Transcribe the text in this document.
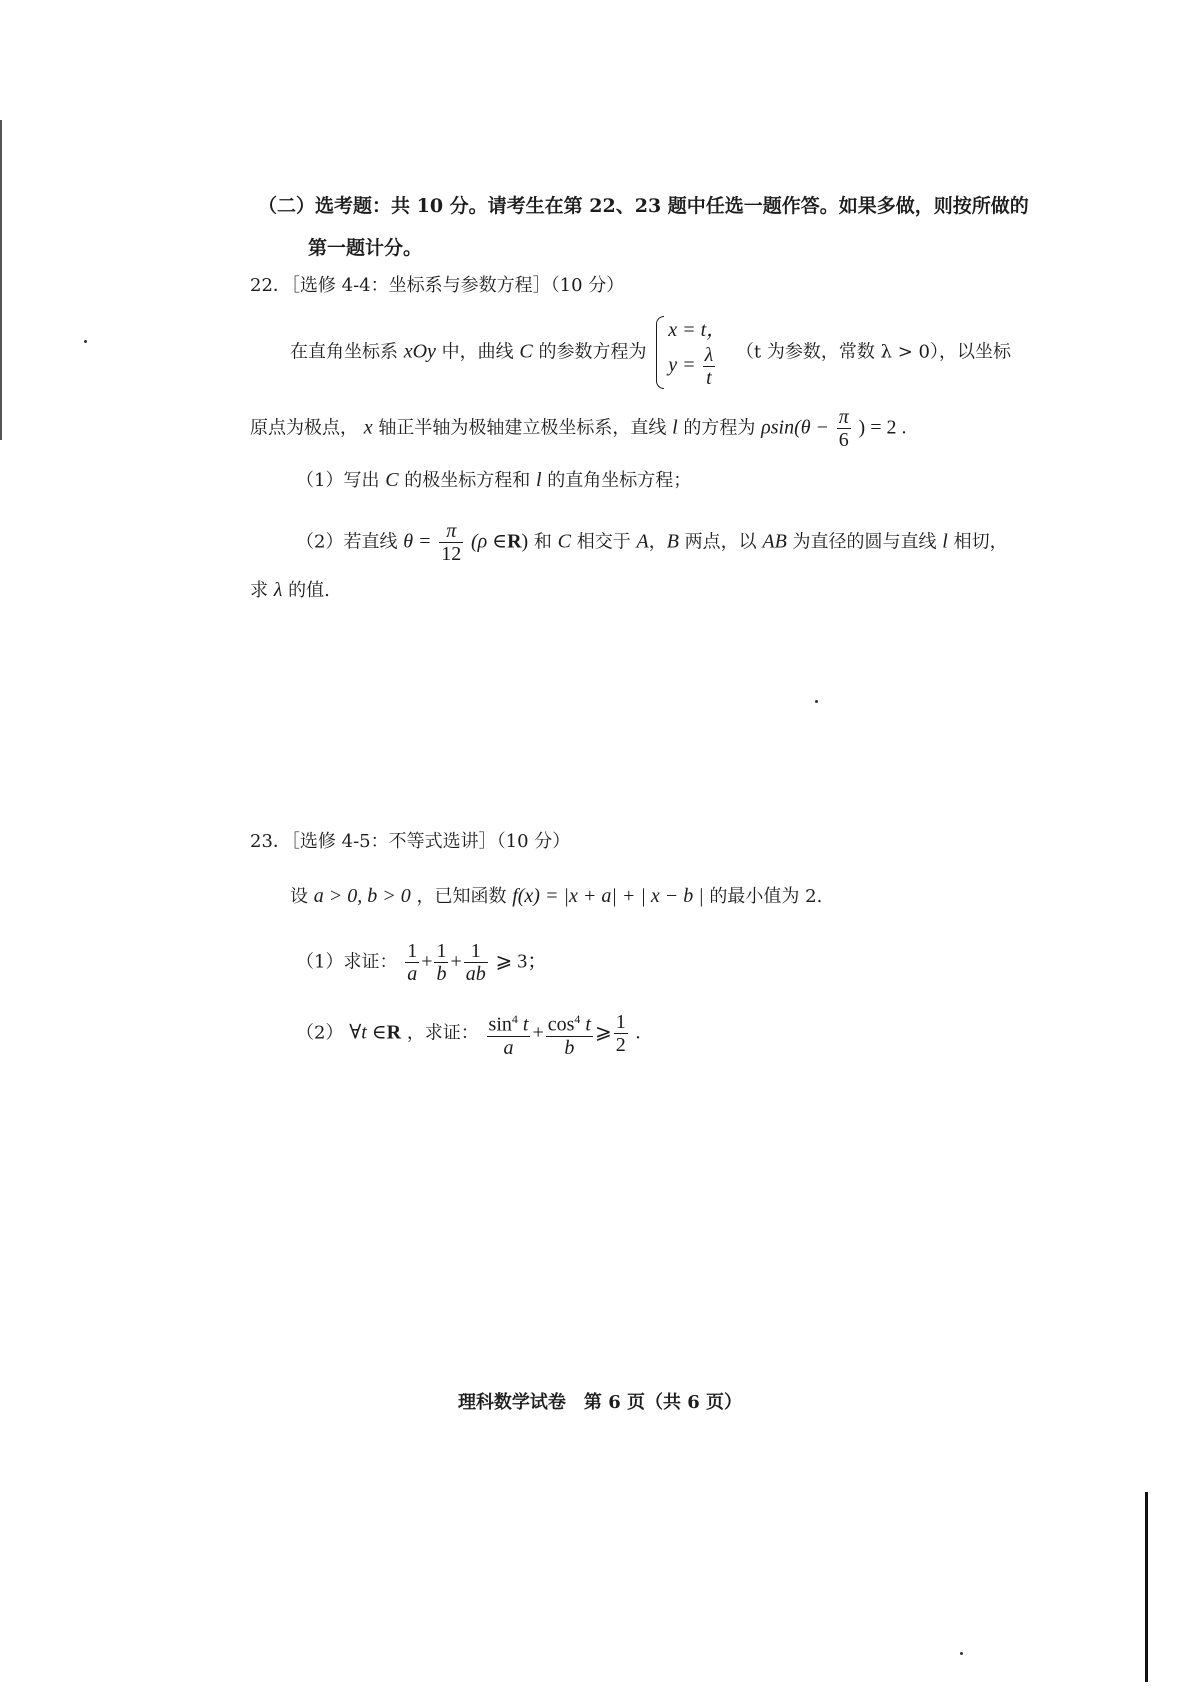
（二）选考题：共 10 分。请考生在第 22、23 题中任选一题作答。如果多做，则按所做的
第一题计分。
22．［选修 4-4：坐标系与参数方程］（10 分）
在直角坐标系 xOy 中，曲线 C 的参数方程为
x = t，
$y = \frac{\lambda}{t} (t$ 为参数，常数 λ > 0），以坐标
原点为极点， x 轴正半轴为极轴建立极坐标系，直线 l 的方程为 $\rho\sin(\theta - \frac{\pi}{6}$ ) = 2 .
（1）写出 C 的极坐标方程和 l 的直角坐标方程；
（2）若直线 $\theta = \frac{\pi}{12} (\rho$ ∈R) 和 C 相交于 A，B 两点，以 AB 为直径的圆与直线 l 相切，
求 λ 的值.
23．［选修 4-5：不等式选讲］（10 分）
设 a > 0, b > 0 ，已知函数 f(x) = |x + a| + | x − b | 的最小值为 2.
（1）求证： $\frac{1}{a} + \frac{1}{b} + \frac{1}{ab}$ ⩾ 3；
（2） ∀t ∈R ，求证： $\frac{\sin^4 t}{a} + \frac{\cos^4 t}{b}$ ⩾ $\frac{1}{2}$ .
理科数学试卷　第 6 页（共 6 页）
